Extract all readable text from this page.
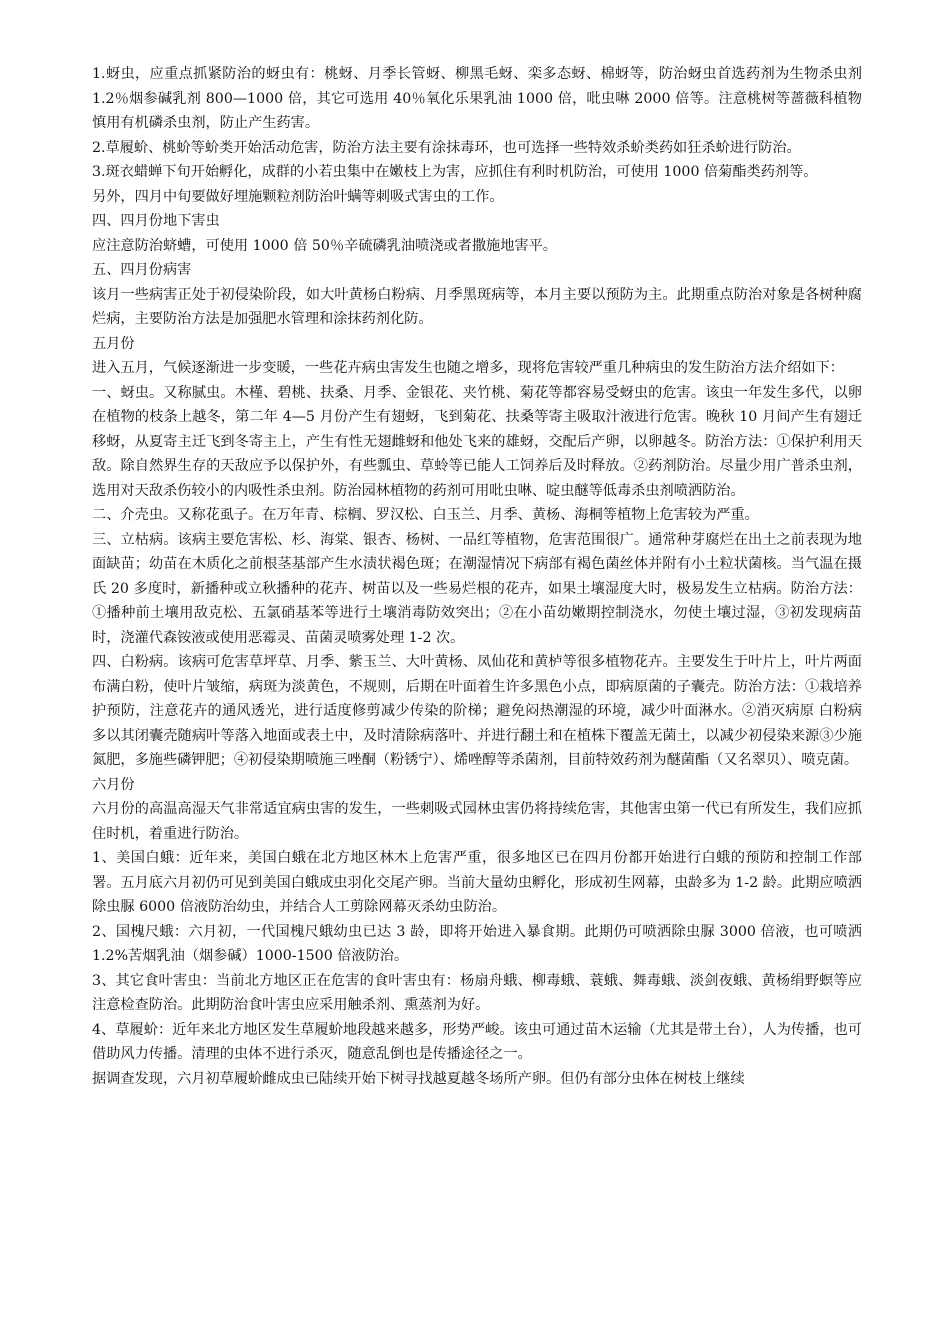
1.蚜虫，应重点抓紧防治的蚜虫有：桃蚜、月季长管蚜、柳黑毛蚜、栾多态蚜、棉蚜等，防治蚜虫首选药剂为生物杀虫剂 1.2％烟参碱乳剂 800—1000 倍，其它可选用 40％氧化乐果乳油 1000 倍，吡虫啉 2000 倍等。注意桃树等蔷薇科植物慎用有机磷杀虫剂，防止产生药害。

2.草履蚧、桃蚧等蚧类开始活动危害，防治方法主要有涂抹毒环，也可选择一些特效杀蚧类药如狂杀蚧进行防治。

3.斑衣蜡蝉下旬开始孵化，成群的小若虫集中在嫩枝上为害，应抓住有利时机防治，可使用 1000 倍菊酯类药剂等。

另外，四月中旬要做好埋施颗粒剂防治叶螨等刺吸式害虫的工作。

四、四月份地下害虫

应注意防治蛴螬，可使用 1000 倍 50％辛硫磷乳油喷浇或者撒施地害平。

五、四月份病害

该月一些病害正处于初侵染阶段，如大叶黄杨白粉病、月季黑斑病等，本月主要以预防为主。此期重点防治对象是各树种腐烂病，主要防治方法是加强肥水管理和涂抹药剂化防。

五月份

进入五月，气候逐渐进一步变暖，一些花卉病虫害发生也随之增多，现将危害较严重几种病虫的发生防治方法介绍如下：

一、蚜虫。又称腻虫。木槿、碧桃、扶桑、月季、金银花、夹竹桃、菊花等都容易受蚜虫的危害。该虫一年发生多代，以卵在植物的枝条上越冬，第二年 4—5 月份产生有翅蚜，飞到菊花、扶桑等寄主吸取汁液进行危害。晚秋 10 月间产生有翅迁移蚜，从夏寄主迁飞到冬寄主上，产生有性无翅雌蚜和他处飞来的雄蚜，交配后产卵，以卵越冬。防治方法：①保护利用天敌。除自然界生存的天敌应予以保护外，有些瓢虫、草蛉等已能人工饲养后及时释放。②药剂防治。尽量少用广普杀虫剂，选用对天敌杀伤较小的内吸性杀虫剂。防治园林植物的药剂可用吡虫啉、啶虫醚等低毒杀虫剂喷洒防治。

二、介壳虫。又称花虱子。在万年青、棕榈、罗汉松、白玉兰、月季、黄杨、海桐等植物上危害较为严重。

三、立枯病。该病主要危害松、杉、海棠、银杏、杨树、一品红等植物，危害范围很广。通常种芽腐烂在出土之前表现为地面缺苗；幼苗在木质化之前根茎基部产生水渍状褐色斑；在潮湿情况下病部有褐色菌丝体并附有小土粒状菌核。当气温在摄氏 20 多度时，新播种或立秋播种的花卉、树苗以及一些易烂根的花卉，如果土壤湿度大时，极易发生立枯病。防治方法：①播种前土壤用敌克松、五氯硝基苯等进行土壤消毒防效突出；②在小苗幼嫩期控制浇水，勿使土壤过湿，③初发现病苗时，浇灌代森铵液或使用恶霉灵、苗菌灵喷雾处理 1-2 次。

四、白粉病。该病可危害草坪草、月季、紫玉兰、大叶黄杨、凤仙花和黄栌等很多植物花卉。主要发生于叶片上，叶片两面布满白粉，使叶片皱缩，病斑为淡黄色，不规则，后期在叶面着生许多黑色小点，即病原菌的子囊壳。防治方法：①栽培养护预防，注意花卉的通风透光，进行适度修剪减少传染的阶梯；避免闷热潮湿的环境，减少叶面淋水。②消灭病原 白粉病多以其闭囊壳随病叶等落入地面或表土中，及时清除病落叶、并进行翻土和在植株下覆盖无菌土，以减少初侵染来源③少施氮肥，多施些磷钾肥；④初侵染期喷施三唑酮（粉锈宁）、烯唑醇等杀菌剂，目前特效药剂为醚菌酯（又名翠贝）、喷克菌。

六月份

六月份的高温高湿天气非常适宜病虫害的发生，一些刺吸式园林虫害仍将持续危害，其他害虫第一代已有所发生，我们应抓住时机，着重进行防治。

1、美国白蛾：近年来，美国白蛾在北方地区林木上危害严重，很多地区已在四月份都开始进行白蛾的预防和控制工作部署。五月底六月初仍可见到美国白蛾成虫羽化交尾产卵。当前大量幼虫孵化，形成初生网幕，虫龄多为 1-2 龄。此期应喷洒除虫脲 6000 倍液防治幼虫，并结合人工剪除网幕灭杀幼虫防治。

2、国槐尺蛾：六月初，一代国槐尺蛾幼虫已达 3 龄，即将开始进入暴食期。此期仍可喷洒除虫脲 3000 倍液，也可喷洒 1.2%苦烟乳油（烟参碱）1000-1500 倍液防治。

3、其它食叶害虫：当前北方地区正在危害的食叶害虫有：杨扇舟蛾、柳毒蛾、蓑蛾、舞毒蛾、淡剑夜蛾、黄杨绢野螟等应注意检查防治。此期防治食叶害虫应采用触杀剂、熏蒸剂为好。

4、草履蚧：近年来北方地区发生草履蚧地段越来越多，形势严峻。该虫可通过苗木运输（尤其是带土台），人为传播，也可借助风力传播。清理的虫体不进行杀灭，随意乱倒也是传播途径之一。

据调查发现，六月初草履蚧雌成虫已陆续开始下树寻找越夏越冬场所产卵。但仍有部分虫体在树枝上继续
